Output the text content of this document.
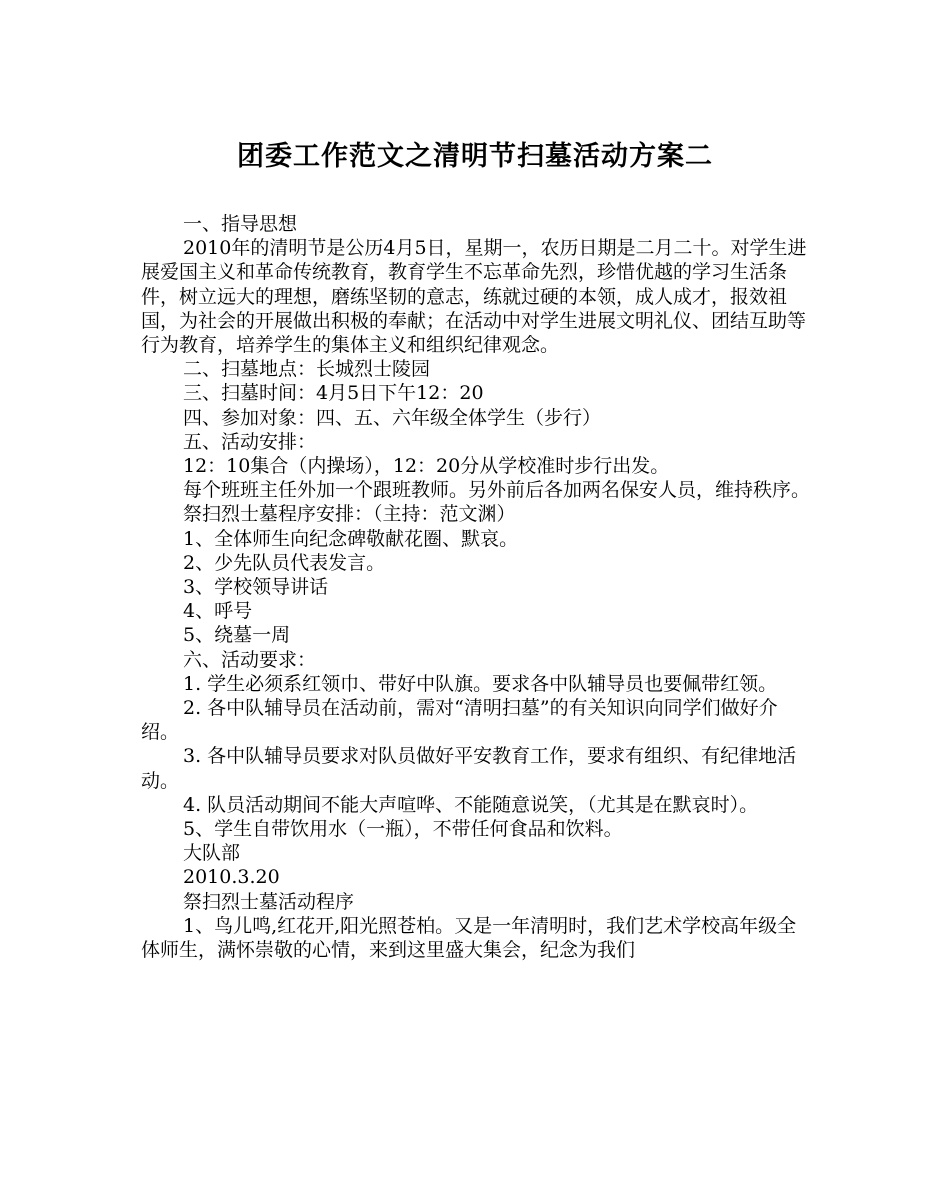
团委工作范文之清明节扫墓活动方案二

一、指导思想

2010年的清明节是公历4月5日，星期一，农历日期是二月二十。对学生进展爱国主义和革命传统教育，教育学生不忘革命先烈，珍惜优越的学习生活条件，树立远大的理想，磨练坚韧的意志，练就过硬的本领，成人成才，报效祖国，为社会的开展做出积极的奉献；在活动中对学生进展文明礼仪、团结互助等行为教育，培养学生的集体主义和组织纪律观念。

二、扫墓地点：长城烈士陵园

三、扫墓时间：4月5日下午12：20

四、参加对象：四、五、六年级全体学生（步行）

五、活动安排：

12：10集合（内操场），12：20分从学校准时步行出发。

每个班班主任外加一个跟班教师。另外前后各加两名保安人员，维持秩序。

祭扫烈士墓程序安排：（主持：范文渊）

1、全体师生向纪念碑敬献花圈、默哀。

2、少先队员代表发言。

3、学校领导讲话

4、呼号

5、绕墓一周

六、活动要求：

1. 学生必须系红领巾、带好中队旗。要求各中队辅导员也要佩带红领。

2. 各中队辅导员在活动前，需对“清明扫墓”的有关知识向同学们做好介绍。

3. 各中队辅导员要求对队员做好平安教育工作，要求有组织、有纪律地活动。

4. 队员活动期间不能大声喧哗、不能随意说笑，（尤其是在默哀时）。

5、学生自带饮用水（一瓶），不带任何食品和饮料。

大队部

2010.3.20

祭扫烈士墓活动程序

1、鸟儿鸣,红花开,阳光照苍柏。又是一年清明时，我们艺术学校高年级全体师生，满怀崇敬的心情，来到这里盛大集会，纪念为我们
